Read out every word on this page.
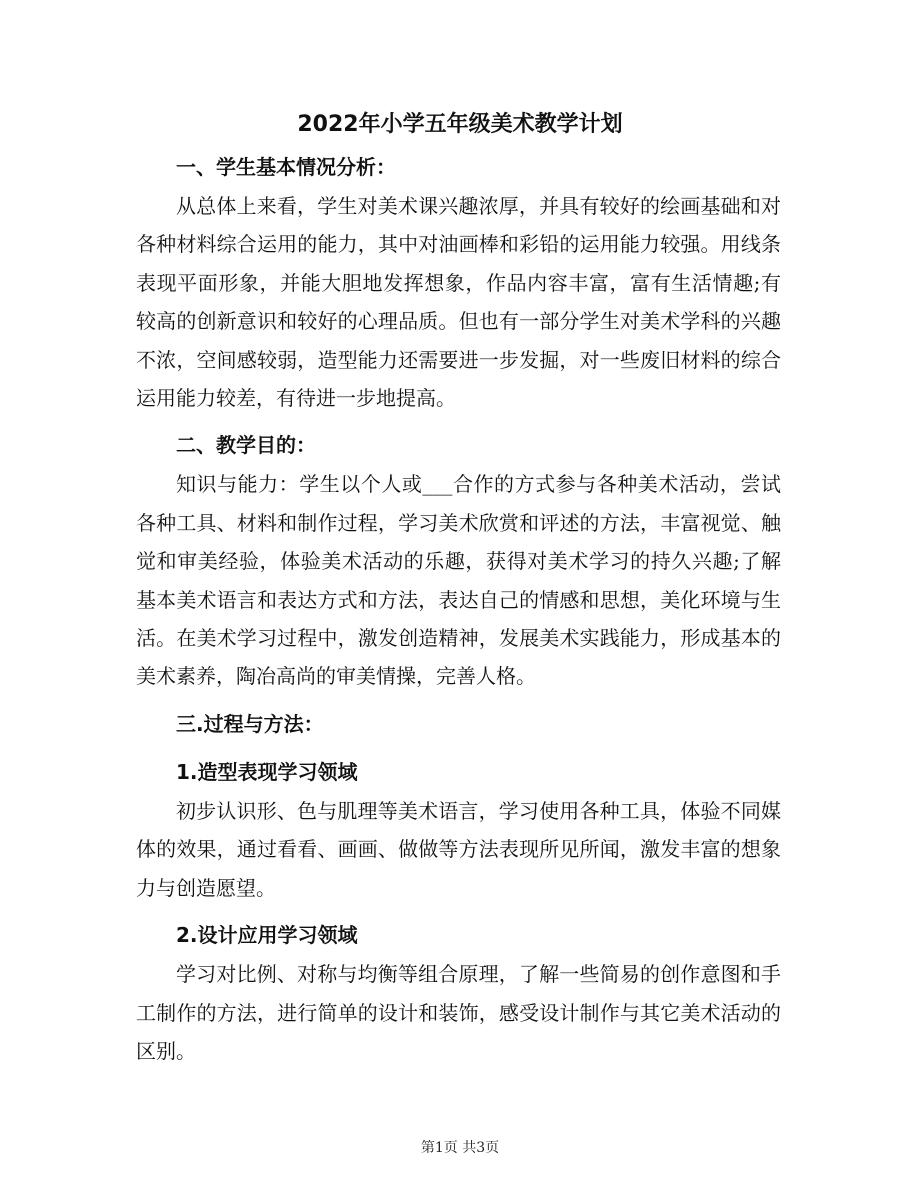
2022年小学五年级美术教学计划
一、学生基本情况分析：

从总体上来看，学生对美术课兴趣浓厚，并具有较好的绘画基础和对各种材料综合运用的能力，其中对油画棒和彩铅的运用能力较强。用线条表现平面形象，并能大胆地发挥想象，作品内容丰富，富有生活情趣;有较高的创新意识和较好的心理品质。但也有一部分学生对美术学科的兴趣不浓，空间感较弱，造型能力还需要进一步发掘，对一些废旧材料的综合运用能力较差，有待进一步地提高。

二、教学目的：

知识与能力：学生以个人或___合作的方式参与各种美术活动，尝试各种工具、材料和制作过程，学习美术欣赏和评述的方法，丰富视觉、触觉和审美经验，体验美术活动的乐趣，获得对美术学习的持久兴趣;了解基本美术语言和表达方式和方法，表达自己的情感和思想，美化环境与生活。在美术学习过程中，激发创造精神，发展美术实践能力，形成基本的美术素养，陶冶高尚的审美情操，完善人格。

三.过程与方法：
1.造型表现学习领域

初步认识形、色与肌理等美术语言，学习使用各种工具，体验不同媒体的效果，通过看看、画画、做做等方法表现所见所闻，激发丰富的想象力与创造愿望。

2.设计应用学习领域

学习对比例、对称与均衡等组合原理，了解一些简易的创作意图和手工制作的方法，进行简单的设计和装饰，感受设计制作与其它美术活动的区别。

第1页 共3页
